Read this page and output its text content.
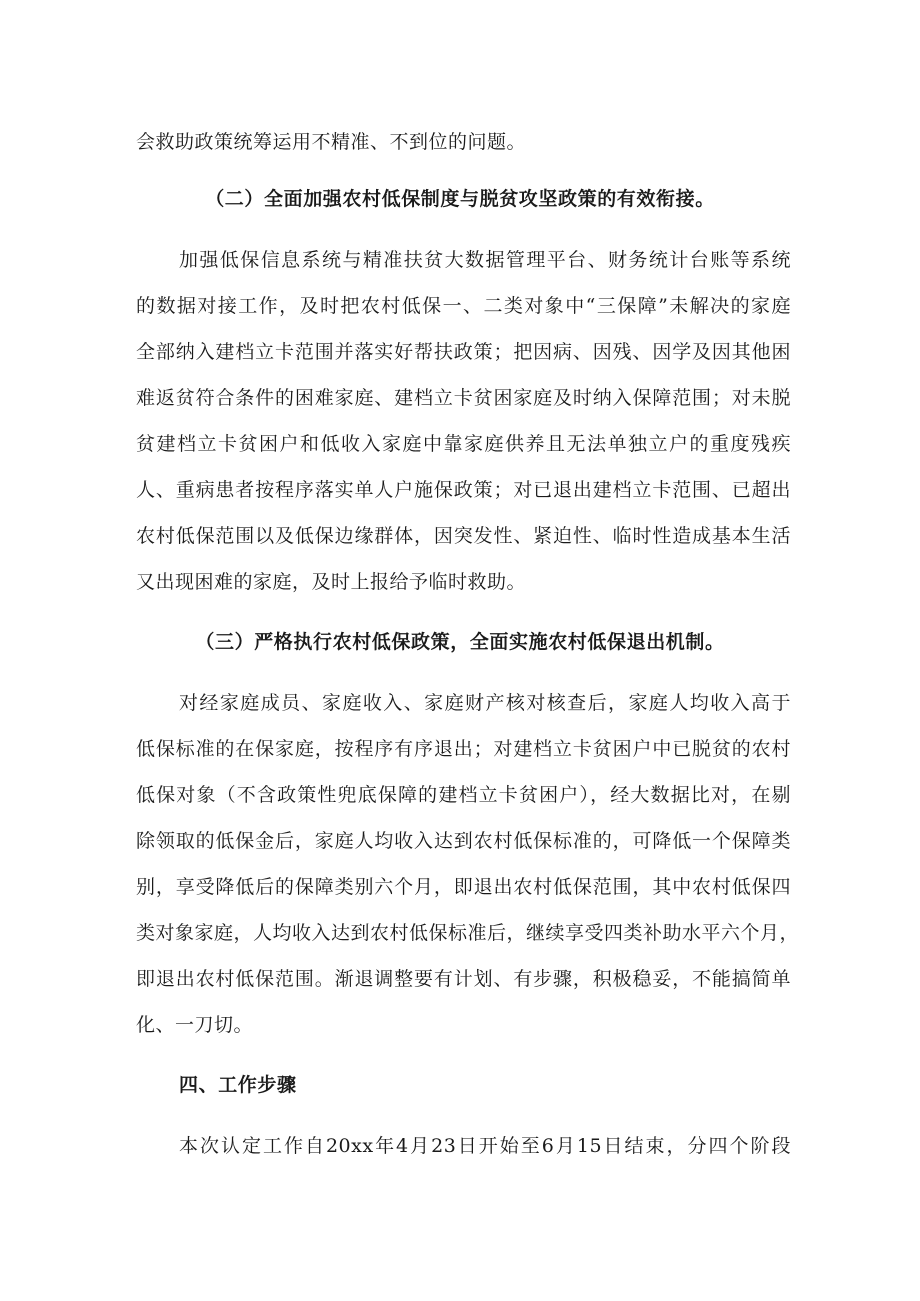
会救助政策统筹运用不精准、不到位的问题。
（二）全面加强农村低保制度与脱贫攻坚政策的有效衔接。
加强低保信息系统与精准扶贫大数据管理平台、财务统计台账等系统
的数据对接工作，及时把农村低保一、二类对象中“三保障”未解决的家庭
全部纳入建档立卡范围并落实好帮扶政策；把因病、因残、因学及因其他困
难返贫符合条件的困难家庭、建档立卡贫困家庭及时纳入保障范围；对未脱
贫建档立卡贫困户和低收入家庭中靠家庭供养且无法单独立户的重度残疾
人、重病患者按程序落实单人户施保政策；对已退出建档立卡范围、已超出
农村低保范围以及低保边缘群体，因突发性、紧迫性、临时性造成基本生活
又出现困难的家庭，及时上报给予临时救助。
（三）严格执行农村低保政策，全面实施农村低保退出机制。
对经家庭成员、家庭收入、家庭财产核对核查后，家庭人均收入高于
低保标准的在保家庭，按程序有序退出；对建档立卡贫困户中已脱贫的农村
低保对象（不含政策性兜底保障的建档立卡贫困户），经大数据比对，在剔
除领取的低保金后，家庭人均收入达到农村低保标准的，可降低一个保障类
别，享受降低后的保障类别六个月，即退出农村低保范围，其中农村低保四
类对象家庭，人均收入达到农村低保标准后，继续享受四类补助水平六个月，
即退出农村低保范围。渐退调整要有计划、有步骤，积极稳妥，不能搞简单
化、一刀切。
四、工作步骤
本次认定工作自20xx年4月23日开始至6月15日结束，分四个阶段
